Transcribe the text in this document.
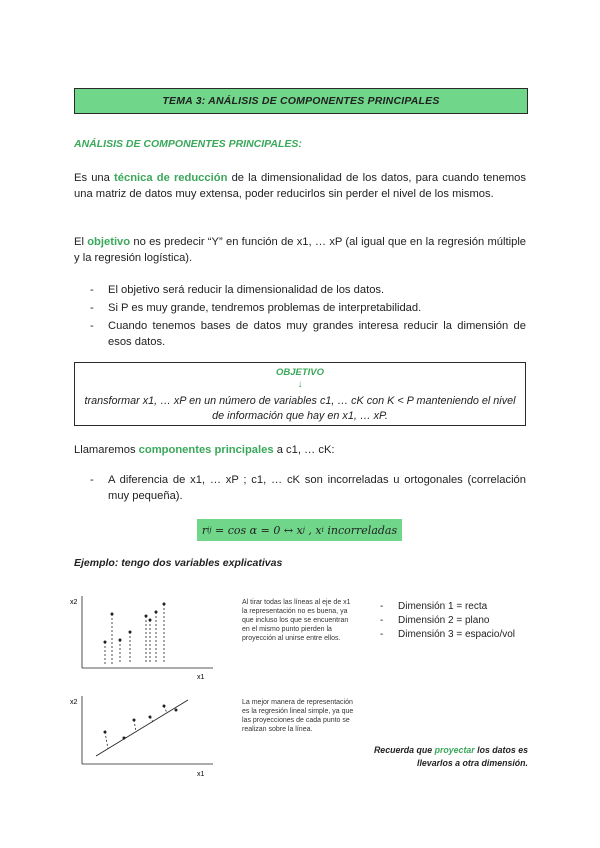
TEMA 3: ANÁLISIS DE COMPONENTES PRINCIPALES
ANÁLISIS DE COMPONENTES PRINCIPALES:
Es una técnica de reducción de la dimensionalidad de los datos, para cuando tenemos una matriz de datos muy extensa, poder reducirlos sin perder el nivel de los mismos.
El objetivo no es predecir “Y” en función de x1, … xP (al igual que en la regresión múltiple y la regresión logística).
- El objetivo será reducir la dimensionalidad de los datos.
- Si P es muy grande, tendremos problemas de interpretabilidad.
- Cuando tenemos bases de datos muy grandes interesa reducir la dimensión de esos datos.
OBJETIVO
↓
transformar x1, … xP en un número de variables c1, … cK con K < P manteniendo el nivel de información que hay en x1, … xP.
Llamaremos componentes principales a c1, … cK:
- A diferencia de x1, … xP ; c1, … cK son incorreladas u ortogonales (correlación muy pequeña).
r ij = cos α = 0 ↔ x j , x i incorreladas
Ejemplo: tengo dos variables explicativas
x2
x1
Al tirar todas las líneas al eje de x1 la representación no es buena, ya que incluso los que se encuentran en el mismo punto pierden la proyección al unirse entre ellos.
x2
x1
La mejor manera de representación es la regresión lineal simple, ya que las proyecciones de cada punto se realizan sobre la línea.
- Dimensión 1 = recta
- Dimensión 2 = plano
- Dimensión 3 = espacio/vol
Recuerda que proyectar los datos es llevarlos a otra dimensión.
